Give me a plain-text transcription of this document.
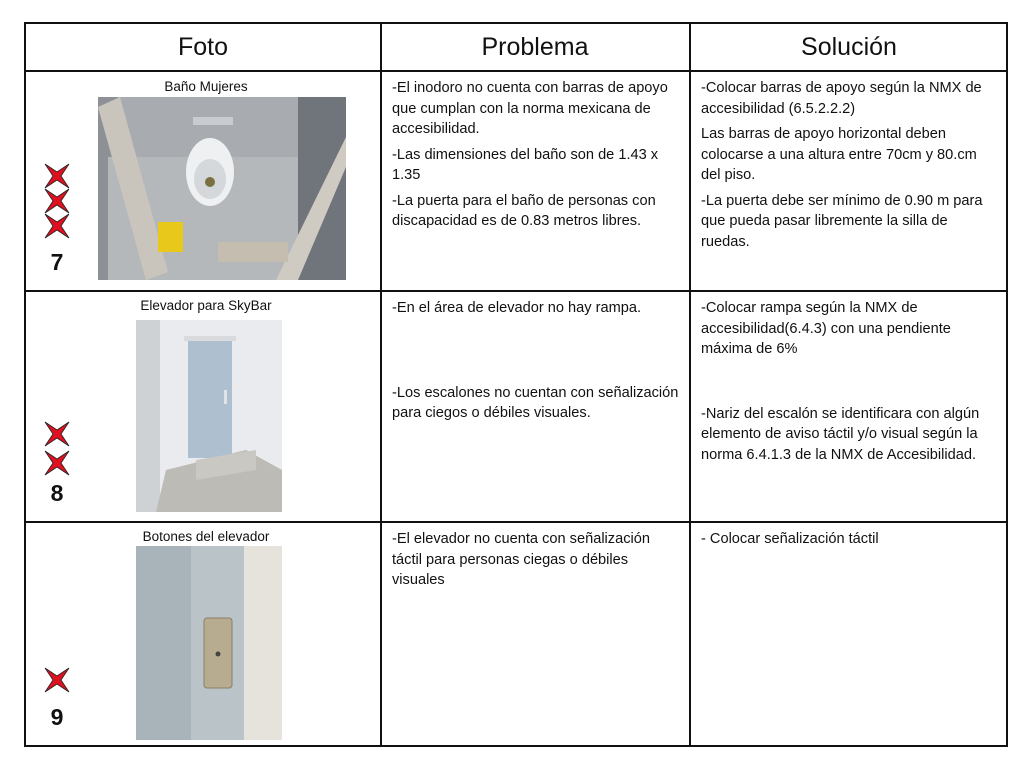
Foto	Problema	Solución
Baño Mujeres
7

-El inodoro no cuenta con barras de apoyo que cumplan con la norma mexicana de accesibilidad.

-Las dimensiones del baño son de 1.43 x 1.35

-La puerta para el baño de personas con discapacidad es de 0.83 metros libres.

-Colocar barras de apoyo según la NMX de accesibilidad (6.5.2.2.2)

Las barras de apoyo horizontal deben colocarse a una altura entre 70cm y 80.cm del piso.

-La puerta debe ser mínimo de 0.90 m para que pueda pasar libremente la silla de ruedas.

Elevador para SkyBar
8

-En el área de elevador no hay rampa.

-Los escalones no cuentan con señalización para ciegos o débiles visuales.

-Colocar rampa según la NMX de accesibilidad(6.4.3) con una pendiente máxima de 6%

-Nariz del escalón se identificara con algún elemento de aviso táctil y/o visual según la norma 6.4.1.3 de la NMX de Accesibilidad.

Botones del elevador
9

-El elevador no cuenta con señalización táctil para personas ciegas o débiles visuales

- Colocar señalización táctil
